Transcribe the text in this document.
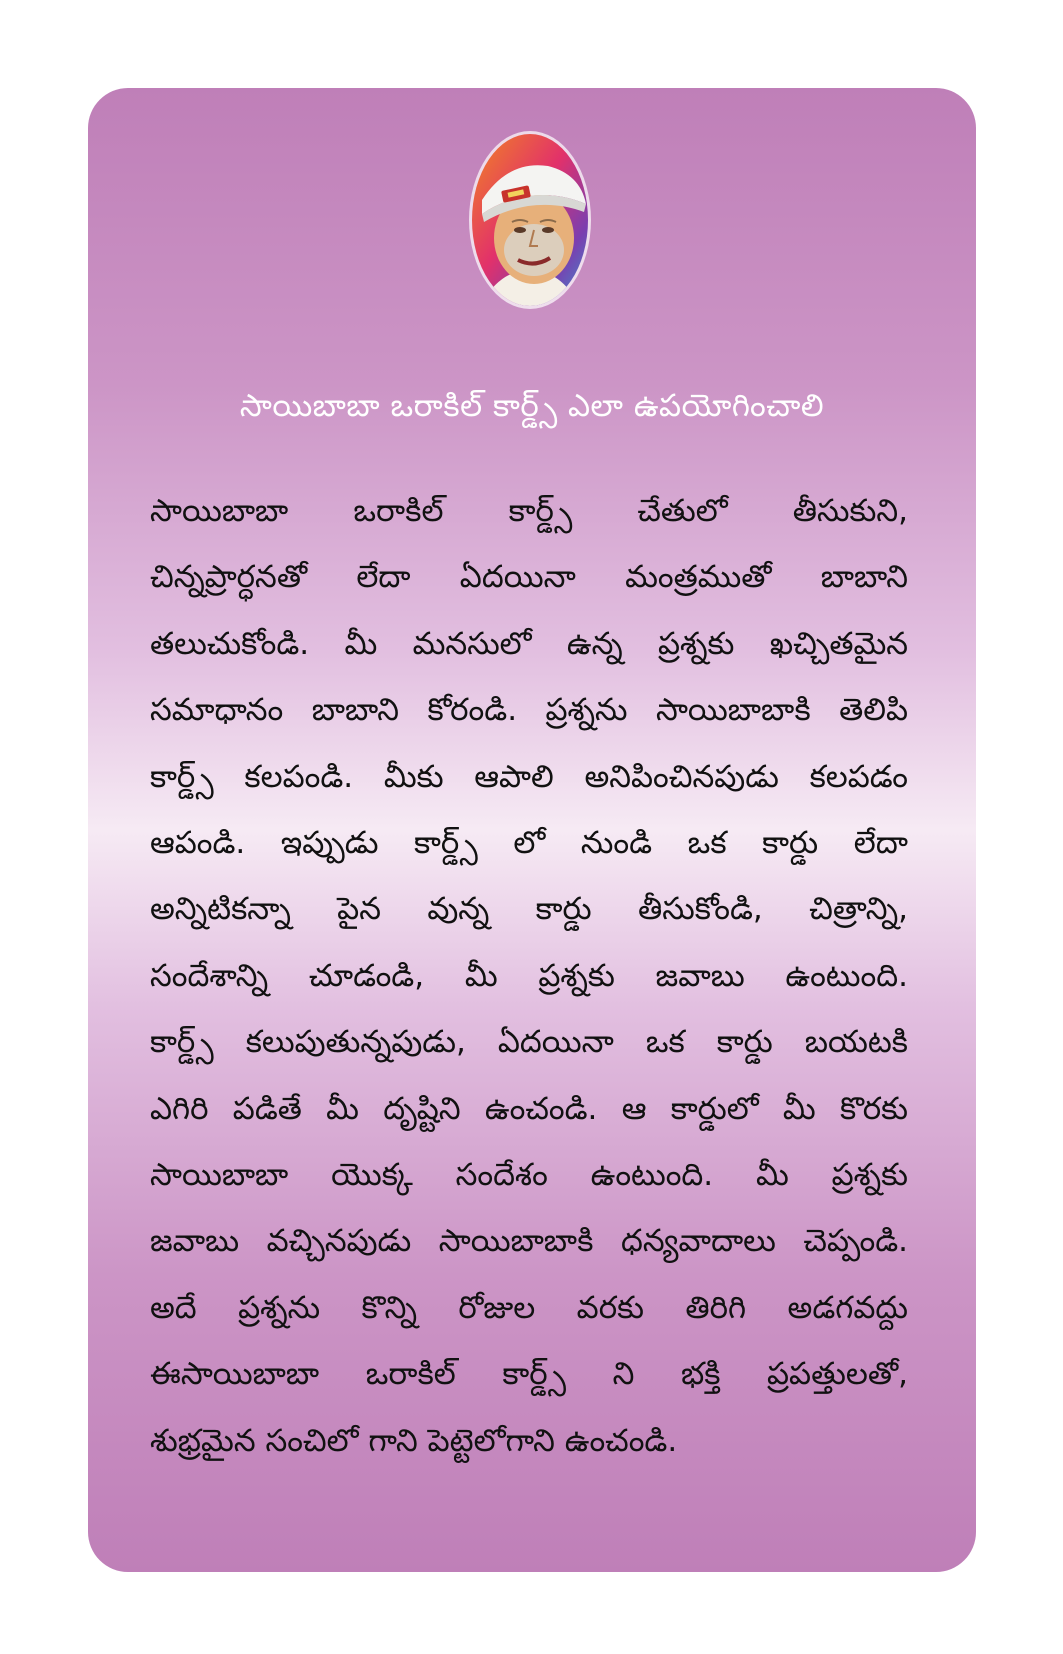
సాయిబాబా ఒరాకిల్ కార్డ్స్ ఎలా ఉపయోగించాలి
సాయిబాబా ఒరాకిల్ కార్డ్స్ చేతులో తీసుకుని,
చిన్నప్రార్ధనతో లేదా ఏదయినా మంత్రముతో బాబాని
తలుచుకోండి. మీ మనసులో ఉన్న ప్రశ్నకు ఖచ్చితమైన
సమాధానం బాబాని కోరండి. ప్రశ్నను సాయిబాబాకి తెలిపి
కార్డ్స్ కలపండి. మీకు ఆపాలి అనిపించినపుడు కలపడం
ఆపండి. ఇప్పుడు కార్డ్స్ లో నుండి ఒక కార్డు లేదా
అన్నిటికన్నా పైన వున్న కార్డు తీసుకోండి, చిత్రాన్ని,
సందేశాన్ని చూడండి, మీ ప్రశ్నకు జవాబు ఉంటుంది.
కార్డ్స్ కలుపుతున్నపుడు, ఏదయినా ఒక కార్డు బయటకి
ఎగిరి పడితే మీ దృష్టిని ఉంచండి. ఆ కార్డులో మీ కొరకు
సాయిబాబా యొక్క సందేశం ఉంటుంది. మీ ప్రశ్నకు
జవాబు వచ్చినపుడు సాయిబాబాకి ధన్యవాదాలు చెప్పండి.
అదే ప్రశ్నను కొన్ని రోజుల వరకు తిరిగి అడగవద్దు
ఈసాయిబాబా ఒరాకిల్ కార్డ్స్ ని భక్తి ప్రపత్తులతో,
శుభ్రమైన సంచిలో గాని పెట్టెలోగాని ఉంచండి.
